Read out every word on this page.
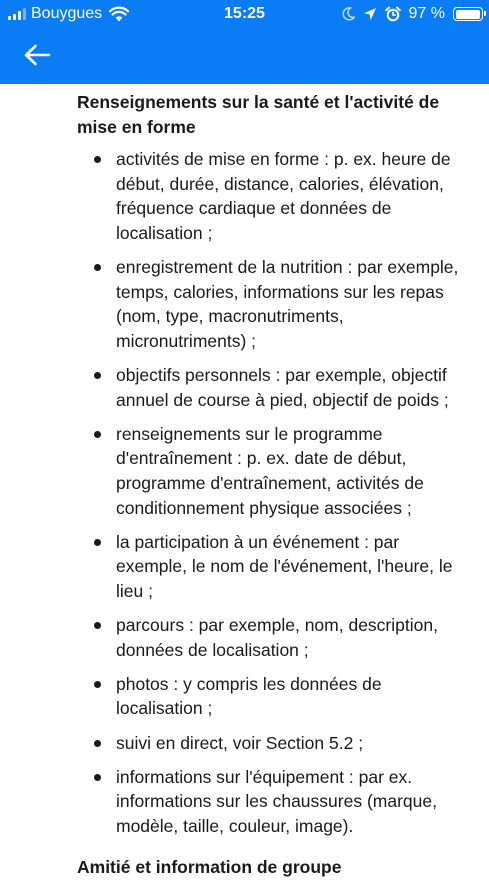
Bouygues	15:25	97 %
Renseignements sur la santé et l'activité de mise en forme
activités de mise en forme : p. ex. heure de début, durée, distance, calories, élévation, fréquence cardiaque et données de localisation ;
enregistrement de la nutrition : par exemple, temps, calories, informations sur les repas (nom, type, macronutriments, micronutriments) ;
objectifs personnels : par exemple, objectif annuel de course à pied, objectif de poids ;
renseignements sur le programme d'entraînement : p. ex. date de début, programme d'entraînement, activités de conditionnement physique associées ;
la participation à un événement : par exemple, le nom de l'événement, l'heure, le lieu ;
parcours : par exemple, nom, description, données de localisation ;
photos : y compris les données de localisation ;
suivi en direct, voir Section 5.2 ;
informations sur l'équipement : par ex. informations sur les chaussures (marque, modèle, taille, couleur, image).
Amitié et information de groupe
